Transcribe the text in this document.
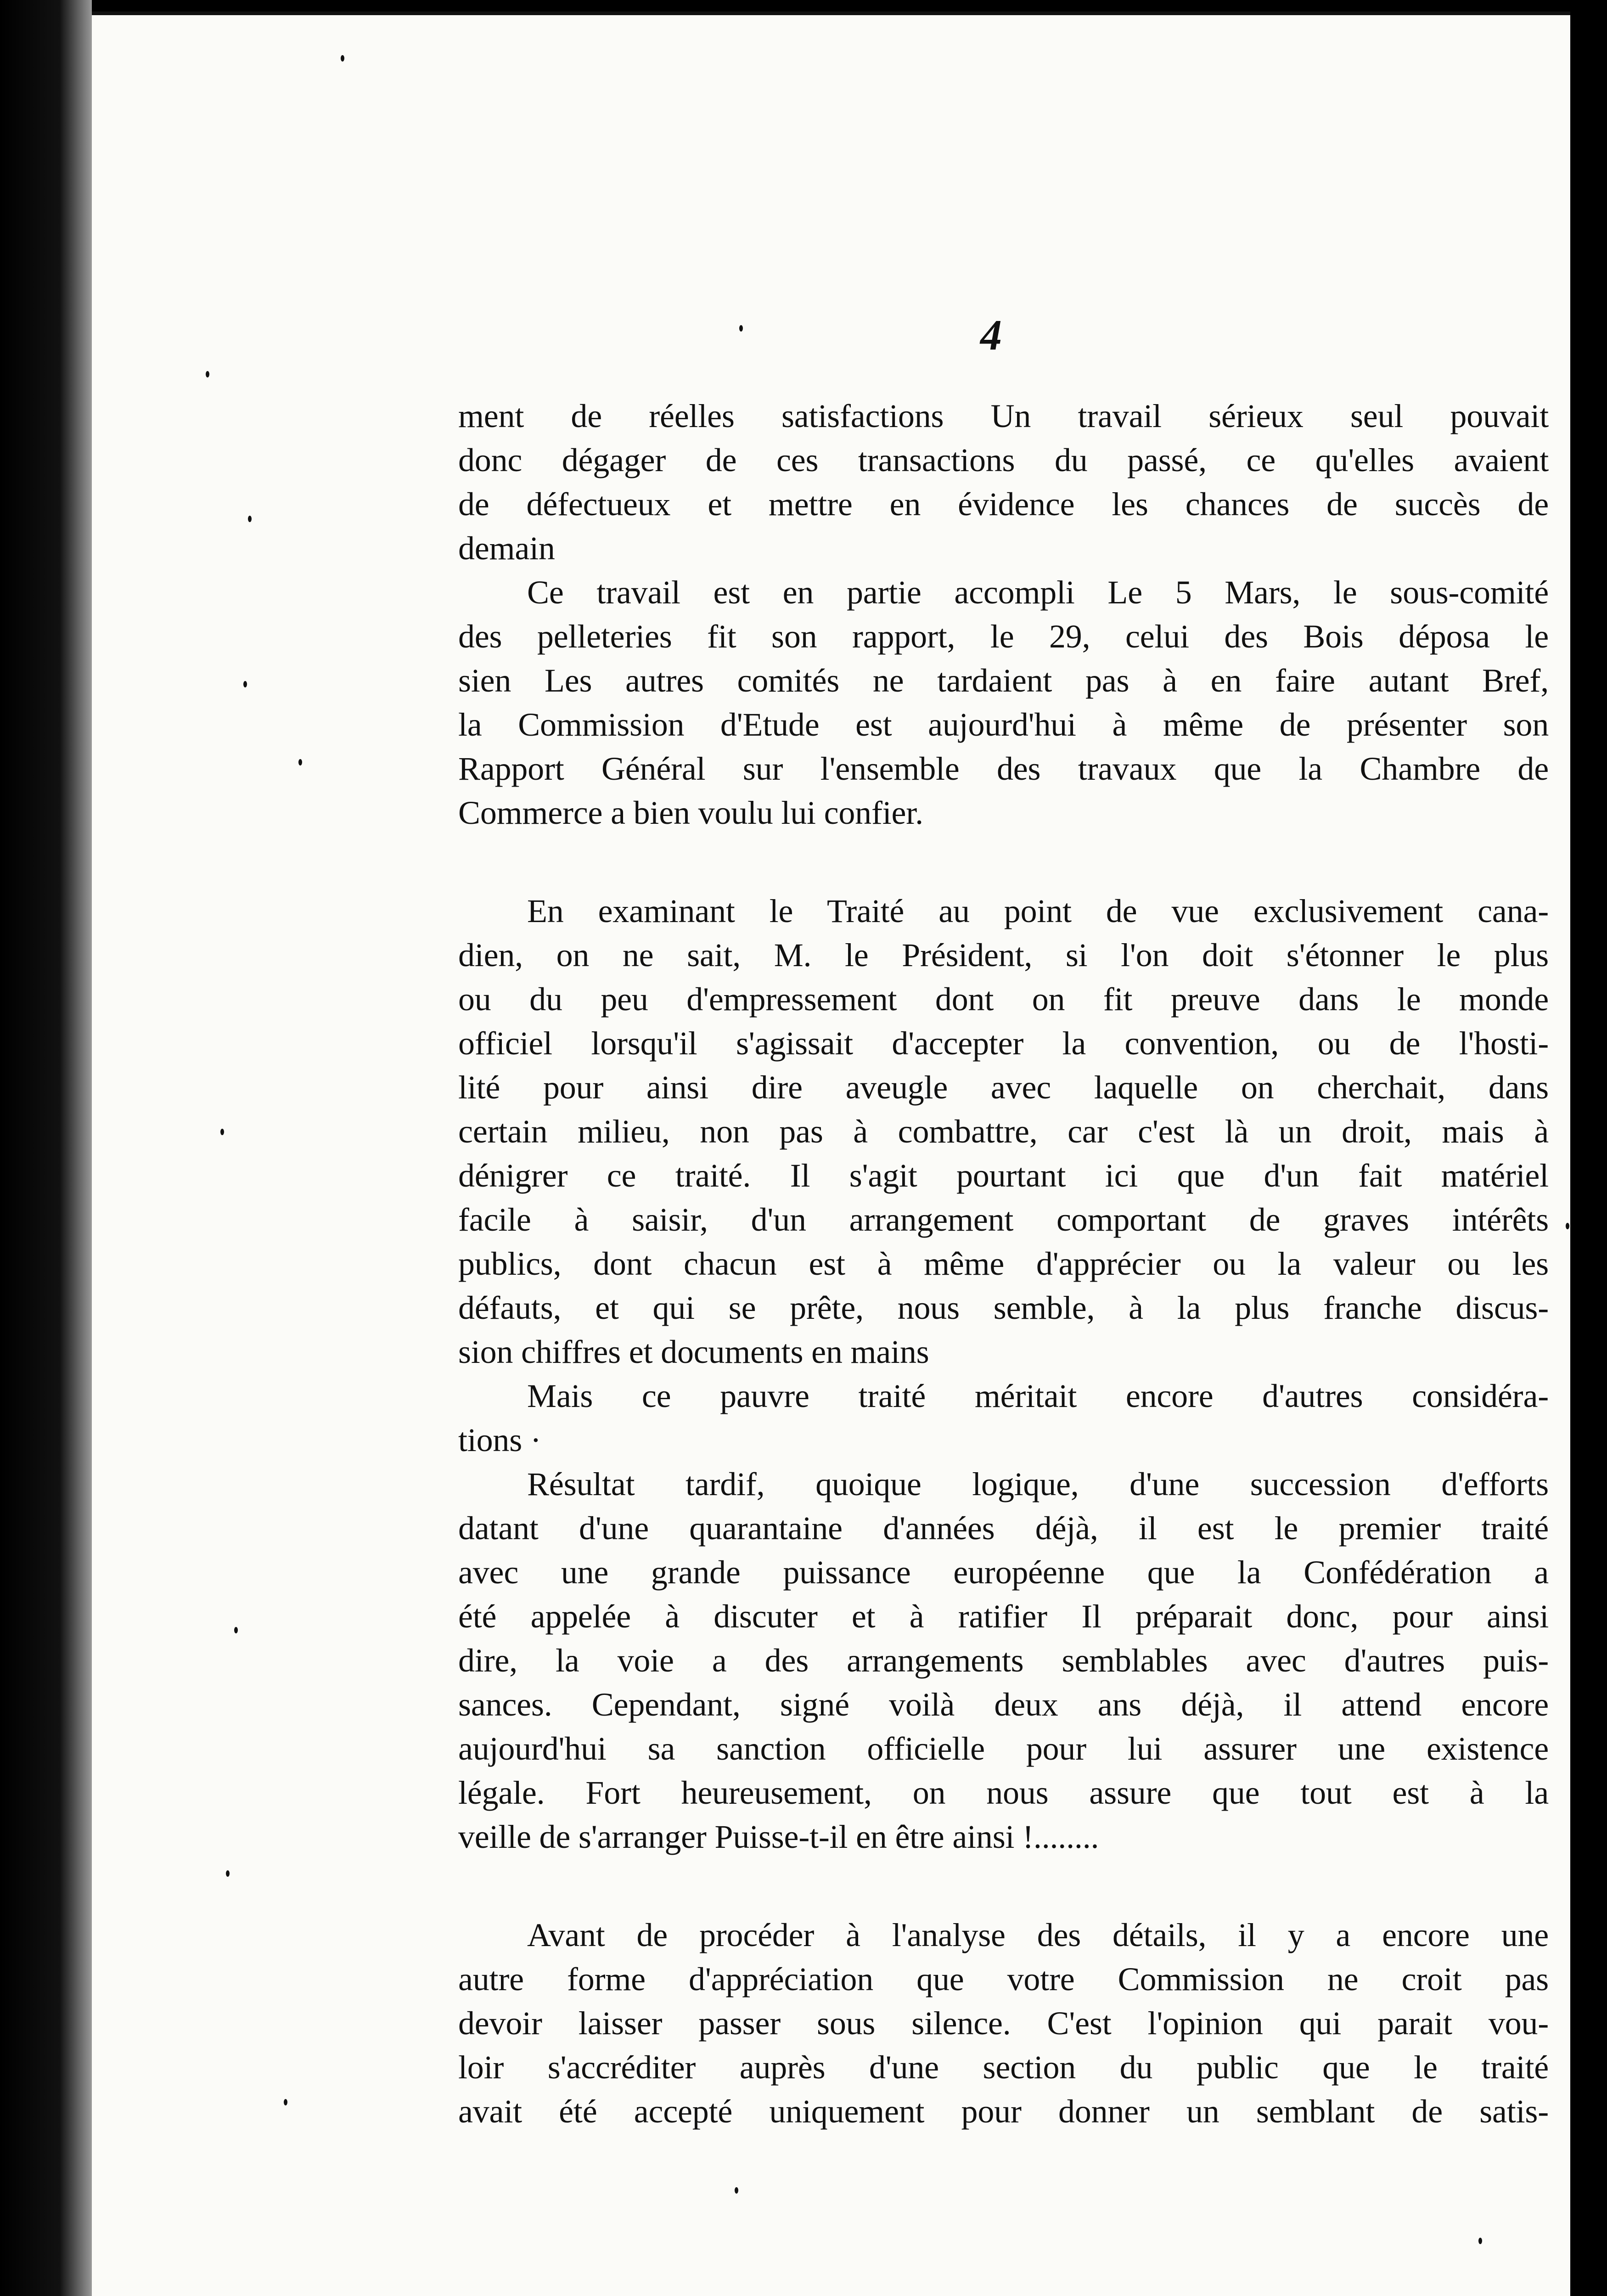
4

ment de réelles satisfactions Un travail sérieux seul pouvait
donc dégager de ces transactions du passé, ce qu'elles avaient
de défectueux et mettre en évidence les chances de succès de
demain

Ce travail est en partie accompli Le 5 Mars, le sous-comité
des pelleteries fit son rapport, le 29, celui des Bois déposa le
sien Les autres comités ne tardaient pas à en faire autant Bref,
la Commission d'Etude est aujourd'hui à même de présenter son
Rapport Général sur l'ensemble des travaux que la Chambre de
Commerce a bien voulu lui confier.

En examinant le Traité au point de vue exclusivement cana-
dien, on ne sait, M. le Président, si l'on doit s'étonner le plus
ou du peu d'empressement dont on fit preuve dans le monde
officiel lorsqu'il s'agissait d'accepter la convention, ou de l'hosti-
lité pour ainsi dire aveugle avec laquelle on cherchait, dans
certain milieu, non pas à combattre, car c'est là un droit, mais à
dénigrer ce traité. Il s'agit pourtant ici que d'un fait matériel
facile à saisir, d'un arrangement comportant de graves intérêts
publics, dont chacun est à même d'apprécier ou la valeur ou les
défauts, et qui se prête, nous semble, à la plus franche discus-
sion chiffres et documents en mains

Mais ce pauvre traité méritait encore d'autres considéra-
tions ·

Résultat tardif, quoique logique, d'une succession d'efforts
datant d'une quarantaine d'années déjà, il est le premier traité
avec une grande puissance européenne que la Confédération a
été appelée à discuter et à ratifier Il préparait donc, pour ainsi
dire, la voie a des arrangements semblables avec d'autres puis-
sances. Cependant, signé voilà deux ans déjà, il attend encore
aujourd'hui sa sanction officielle pour lui assurer une existence
légale. Fort heureusement, on nous assure que tout est à la
veille de s'arranger Puisse-t-il en être ainsi !........

Avant de procéder à l'analyse des détails, il y a encore une
autre forme d'appréciation que votre Commission ne croit pas
devoir laisser passer sous silence. C'est l'opinion qui parait vou-
loir s'accréditer auprès d'une section du public que le traité
avait été accepté uniquement pour donner un semblant de satis-
